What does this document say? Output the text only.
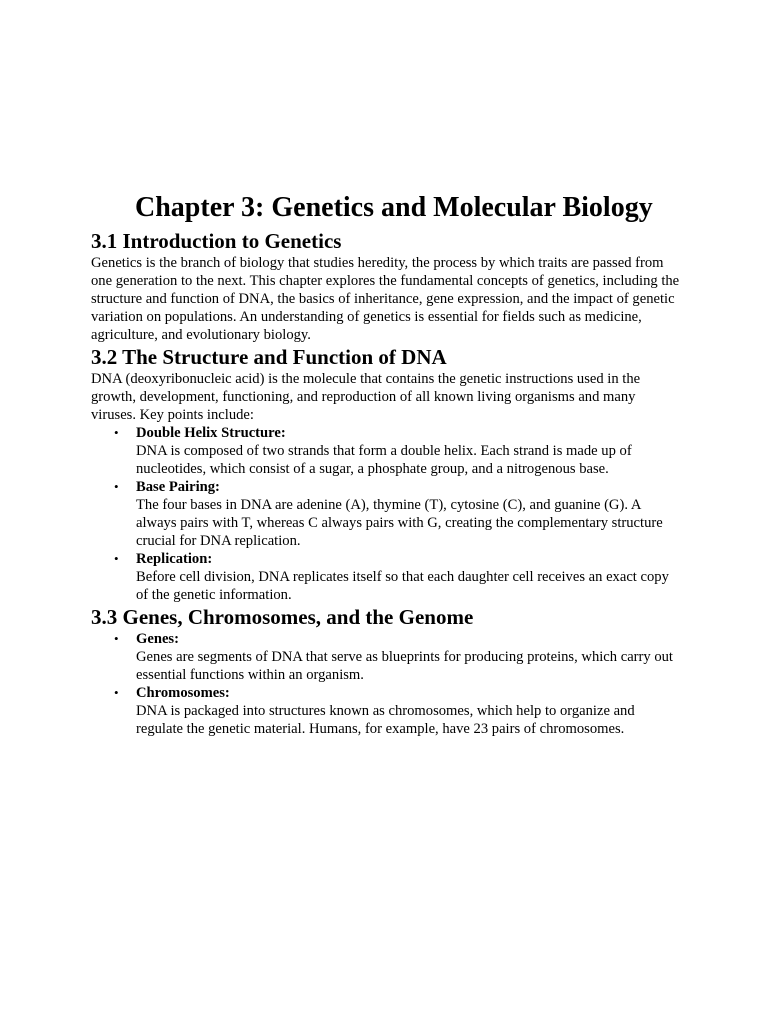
Chapter 3: Genetics and Molecular Biology
3.1 Introduction to Genetics

Genetics is the branch of biology that studies heredity, the process by which traits are passed from one generation to the next. This chapter explores the fundamental concepts of genetics, including the structure and function of DNA, the basics of inheritance, gene expression, and the impact of genetic variation on populations. An understanding of genetics is essential for fields such as medicine, agriculture, and evolutionary biology.

3.2 The Structure and Function of DNA

DNA (deoxyribonucleic acid) is the molecule that contains the genetic instructions used in the growth, development, functioning, and reproduction of all known living organisms and many viruses. Key points include:

• Double Helix Structure:
DNA is composed of two strands that form a double helix. Each strand is made up of nucleotides, which consist of a sugar, a phosphate group, and a nitrogenous base.
• Base Pairing:
The four bases in DNA are adenine (A), thymine (T), cytosine (C), and guanine (G). A always pairs with T, whereas C always pairs with G, creating the complementary structure crucial for DNA replication.
• Replication:
Before cell division, DNA replicates itself so that each daughter cell receives an exact copy of the genetic information.
3.3 Genes, Chromosomes, and the Genome
• Genes:
Genes are segments of DNA that serve as blueprints for producing proteins, which carry out essential functions within an organism.
• Chromosomes:
DNA is packaged into structures known as chromosomes, which help to organize and regulate the genetic material. Humans, for example, have 23 pairs of chromosomes.
